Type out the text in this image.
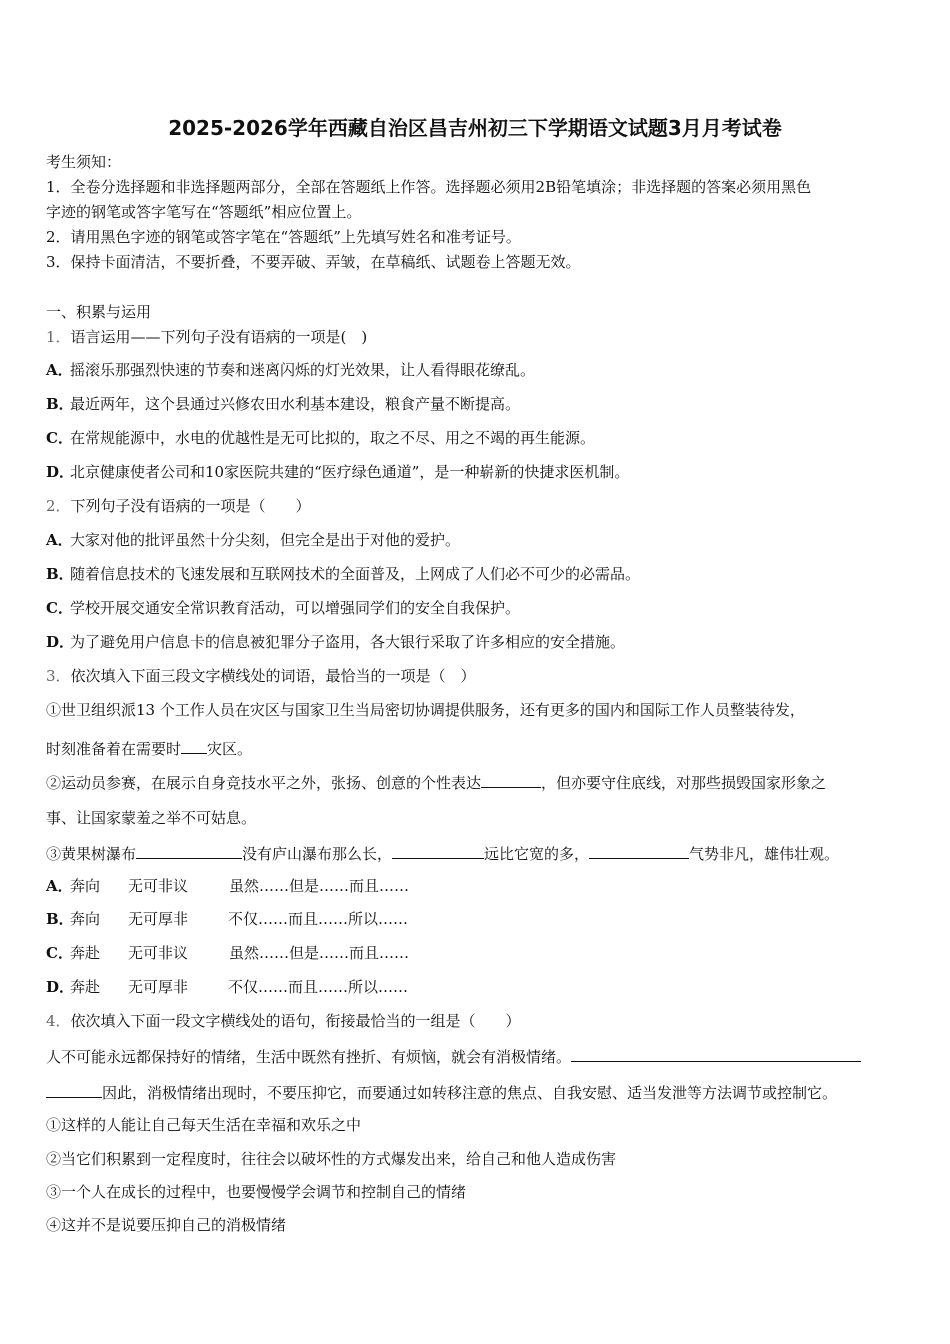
2025-2026学年西藏自治区昌吉州初三下学期语文试题3月月考试卷
考生须知：
1．全卷分选择题和非选择题两部分，全部在答题纸上作答。选择题必须用2B铅笔填涂；非选择题的答案必须用黑色
字迹的钢笔或答字笔写在“答题纸”相应位置上。
2．请用黑色字迹的钢笔或答字笔在“答题纸”上先填写姓名和准考证号。
3．保持卡面清洁，不要折叠，不要弄破、弄皱，在草稿纸、试题卷上答题无效。
一、积累与运用
1．语言运用——下列句子没有语病的一项是(　)
A．摇滚乐那强烈快速的节奏和迷离闪烁的灯光效果，让人看得眼花缭乱。
B．最近两年，这个县通过兴修农田水利基本建设，粮食产量不断提高。
C．在常规能源中，水电的优越性是无可比拟的，取之不尽、用之不竭的再生能源。
D．北京健康使者公司和10家医院共建的“医疗绿色通道”，是一种崭新的快捷求医机制。
2．下列句子没有语病的一项是（　　）
A．大家对他的批评虽然十分尖刻，但完全是出于对他的爱护。
B．随着信息技术的飞速发展和互联网技术的全面普及，上网成了人们必不可少的必需品。
C．学校开展交通安全常识教育活动，可以增强同学们的安全自我保护。
D．为了避免用户信息卡的信息被犯罪分子盗用，各大银行采取了许多相应的安全措施。
3．依次填入下面三段文字横线处的词语，最恰当的一项是（　）
①世卫组织派13 个工作人员在灾区与国家卫生当局密切协调提供服务，还有更多的国内和国际工作人员整装待发，
时刻准备着在需要时 灾区。
②运动员参赛，在展示自身竞技水平之外，张扬、创意的个性表达	，但亦要守住底线，对那些损毁国家形象之
事、让国家蒙羞之举不可姑息。
③黄果树瀑布	没有庐山瀑布那么长，	远比它宽的多，	气势非凡，雄伟壮观。
A．奔向 无可非议	虽然……但是……而且……
B．奔向 无可厚非	不仅……而且……所以……
C．奔赴 无可非议	虽然……但是……而且……
D．奔赴 无可厚非	不仅……而且……所以……
4．依次填入下面一段文字横线处的语句，衔接最恰当的一组是（　　）
人不可能永远都保持好的情绪，生活中既然有挫折、有烦恼，就会有消极情绪。
因此，消极情绪出现时，不要压抑它，而要通过如转移注意的焦点、自我安慰、适当发泄等方法调节或控制它。
①这样的人能让自己每天生活在幸福和欢乐之中
②当它们积累到一定程度时，往往会以破坏性的方式爆发出来，给自己和他人造成伤害
③一个人在成长的过程中，也要慢慢学会调节和控制自己的情绪
④这并不是说要压抑自己的消极情绪
